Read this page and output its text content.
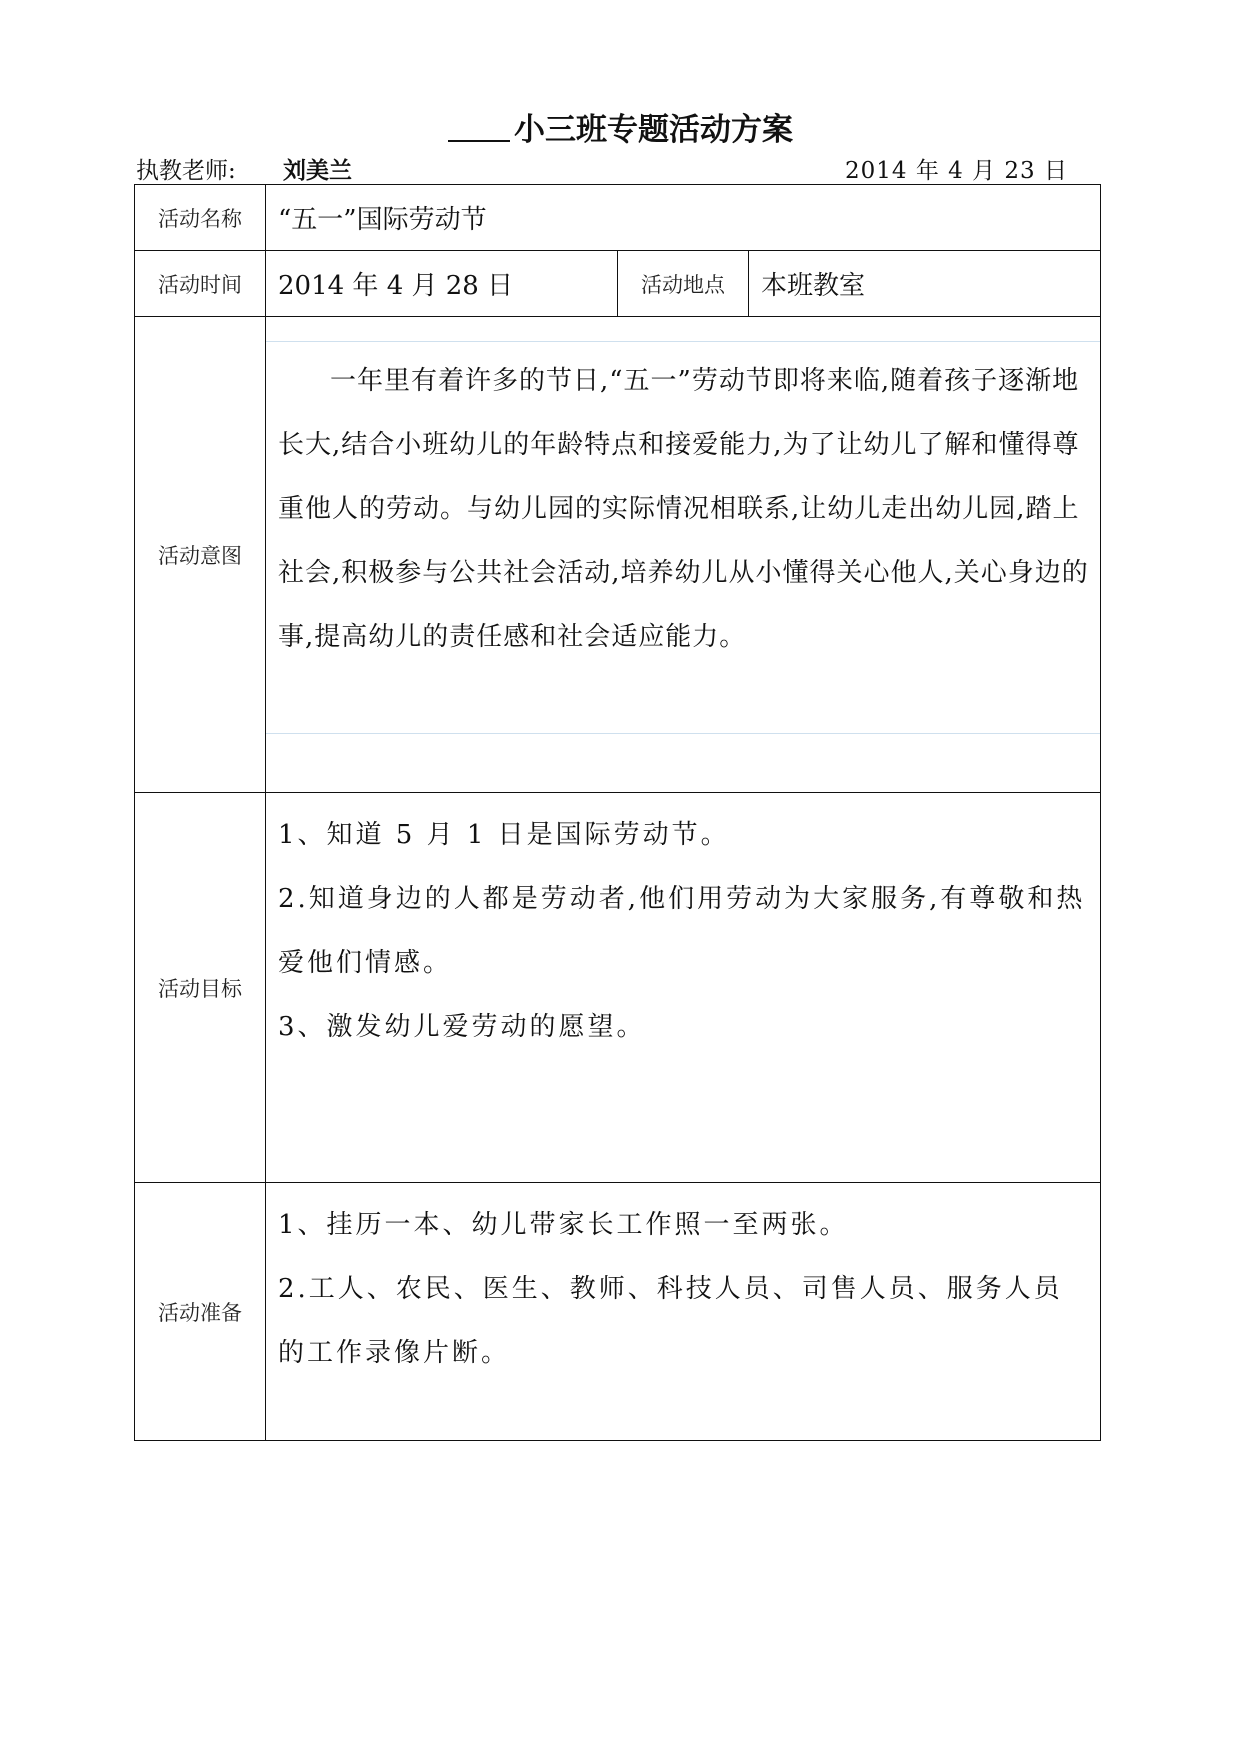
小三班专题活动方案
执教老师: 刘美兰	2014 年 4 月 23 日
活动名称	“五一”国际劳动节		
活动时间	2014 年 4 月 28 日	活动地点	本班教室
活动意图	一年里有着许多的节日,“五一”劳动节即将来临,随着孩子逐渐地长大,结合小班幼儿的年龄特点和接爱能力,为了让幼儿了解和懂得尊重他人的劳动。与幼儿园的实际情况相联系,让幼儿走出幼儿园,踏上社会,积极参与公共社会活动,培养幼儿从小懂得关心他人,关心身边的事,提高幼儿的责任感和社会适应能力。		

活动目标	1、知道 5 月 1 日是国际劳动节。

2.知道身边的人都是劳动者,他们用劳动为大家服务,有尊敬和热爱他们情感。

3、激发幼儿爱劳动的愿望。		

活动准备	1、挂历一本、幼儿带家长工作照一至两张。

2.工人、农民、医生、教师、科技人员、司售人员、服务人员的工作录像片断。		
